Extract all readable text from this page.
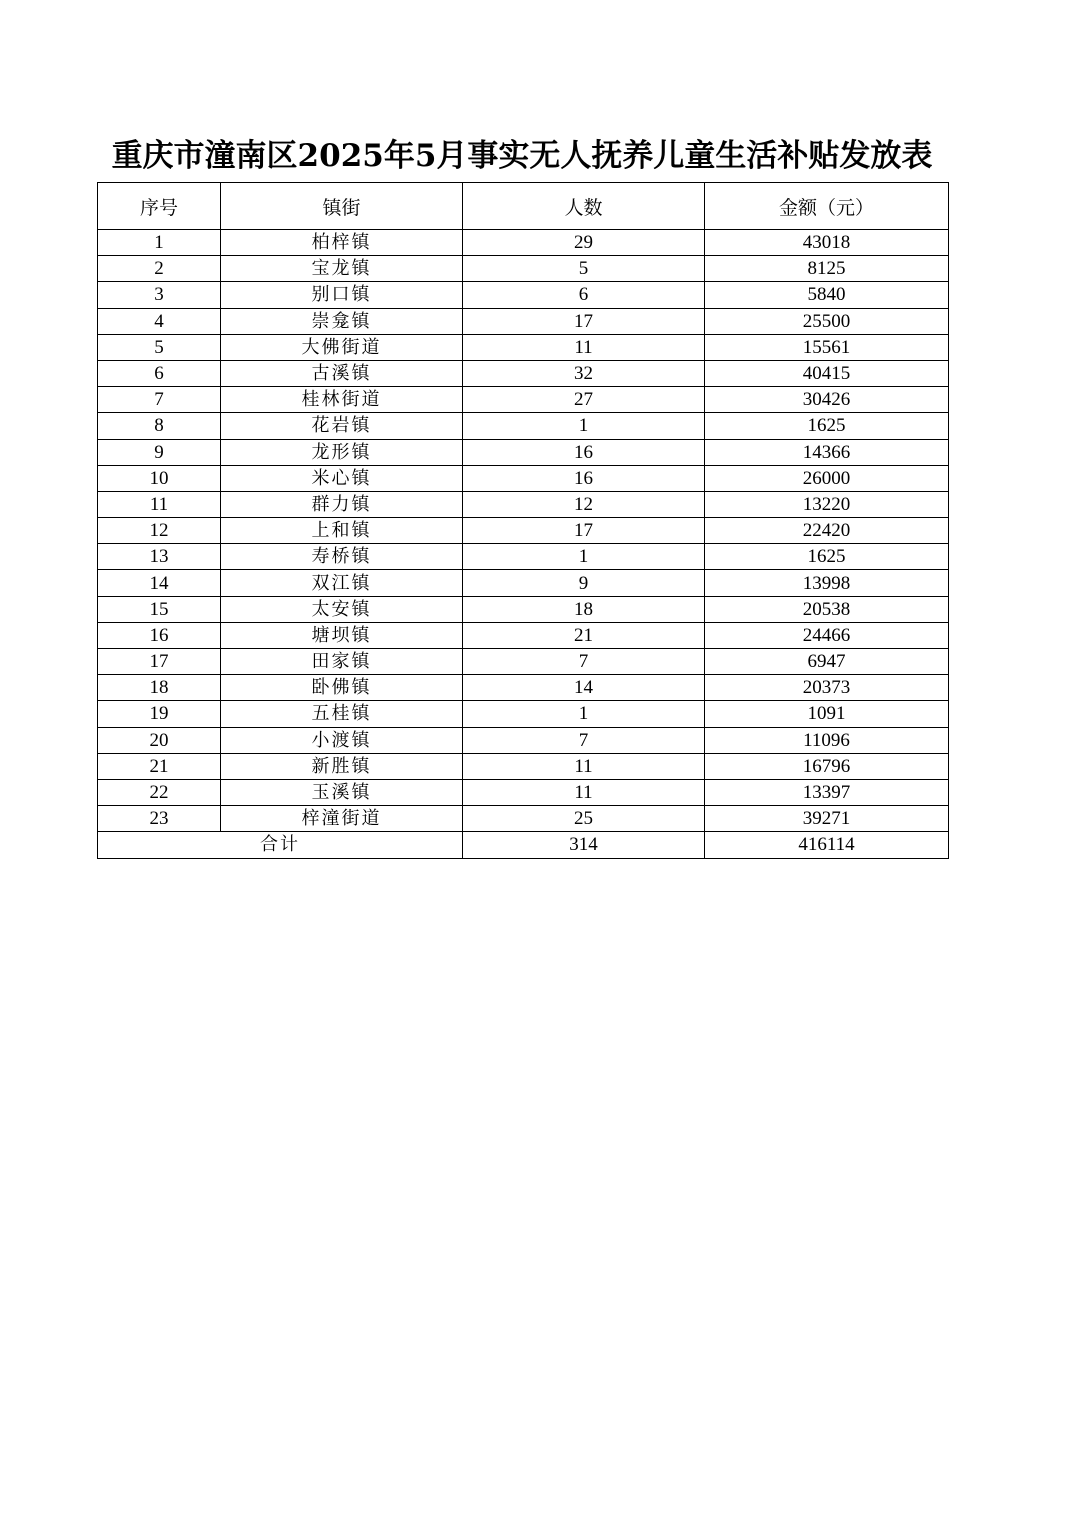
重庆市潼南区2025年5月事实无人抚养儿童生活补贴发放表
序号	镇街	人数	金额（元）
1	柏梓镇	29	43018
2	宝龙镇	5	8125
3	别口镇	6	5840
4	崇龛镇	17	25500
5	大佛街道	11	15561
6	古溪镇	32	40415
7	桂林街道	27	30426
8	花岩镇	1	1625
9	龙形镇	16	14366
10	米心镇	16	26000
11	群力镇	12	13220
12	上和镇	17	22420
13	寿桥镇	1	1625
14	双江镇	9	13998
15	太安镇	18	20538
16	塘坝镇	21	24466
17	田家镇	7	6947
18	卧佛镇	14	20373
19	五桂镇	1	1091
20	小渡镇	7	11096
21	新胜镇	11	16796
22	玉溪镇	11	13397
23	梓潼街道	25	39271
合计		314	416114
